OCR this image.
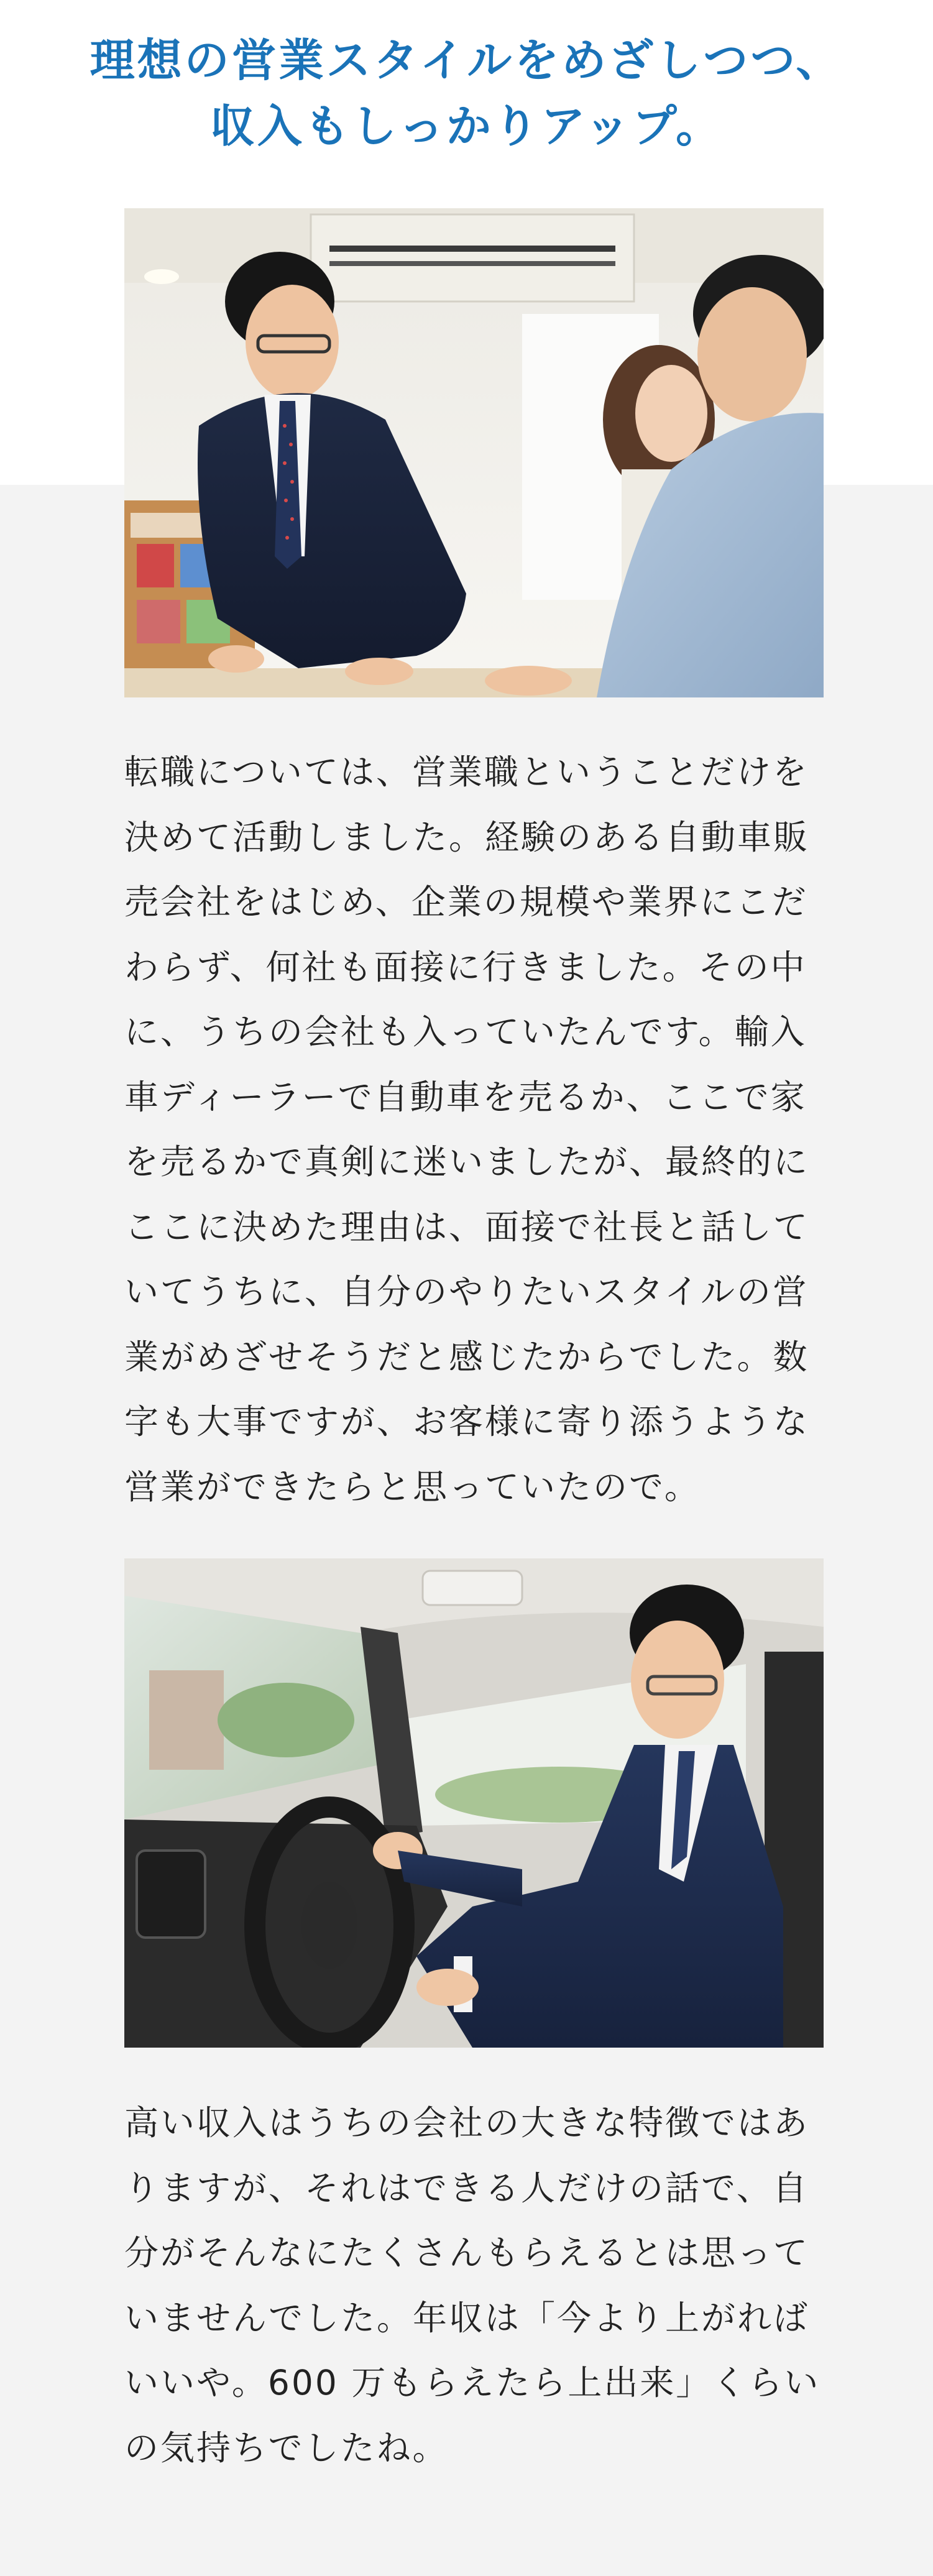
理想の営業スタイルをめざしつつ、
収入もしっかりアップ。
転職については、営業職ということだけを
決めて活動しました。経験のある自動車販
売会社をはじめ、企業の規模や業界にこだ
わらず、何社も面接に行きました。その中
に、うちの会社も入っていたんです。輸入
車ディーラーで自動車を売るか、ここで家
を売るかで真剣に迷いましたが、最終的に
ここに決めた理由は、面接で社長と話して
いてうちに、自分のやりたいスタイルの営
業がめざせそうだと感じたからでした。数
字も大事ですが、お客様に寄り添うような
営業ができたらと思っていたので。
高い収入はうちの会社の大きな特徴ではあ
りますが、それはできる人だけの話で、自
分がそんなにたくさんもらえるとは思って
いませんでした。年収は「今より上がれば
いいや。600 万もらえたら上出来」くらい
の気持ちでしたね。
